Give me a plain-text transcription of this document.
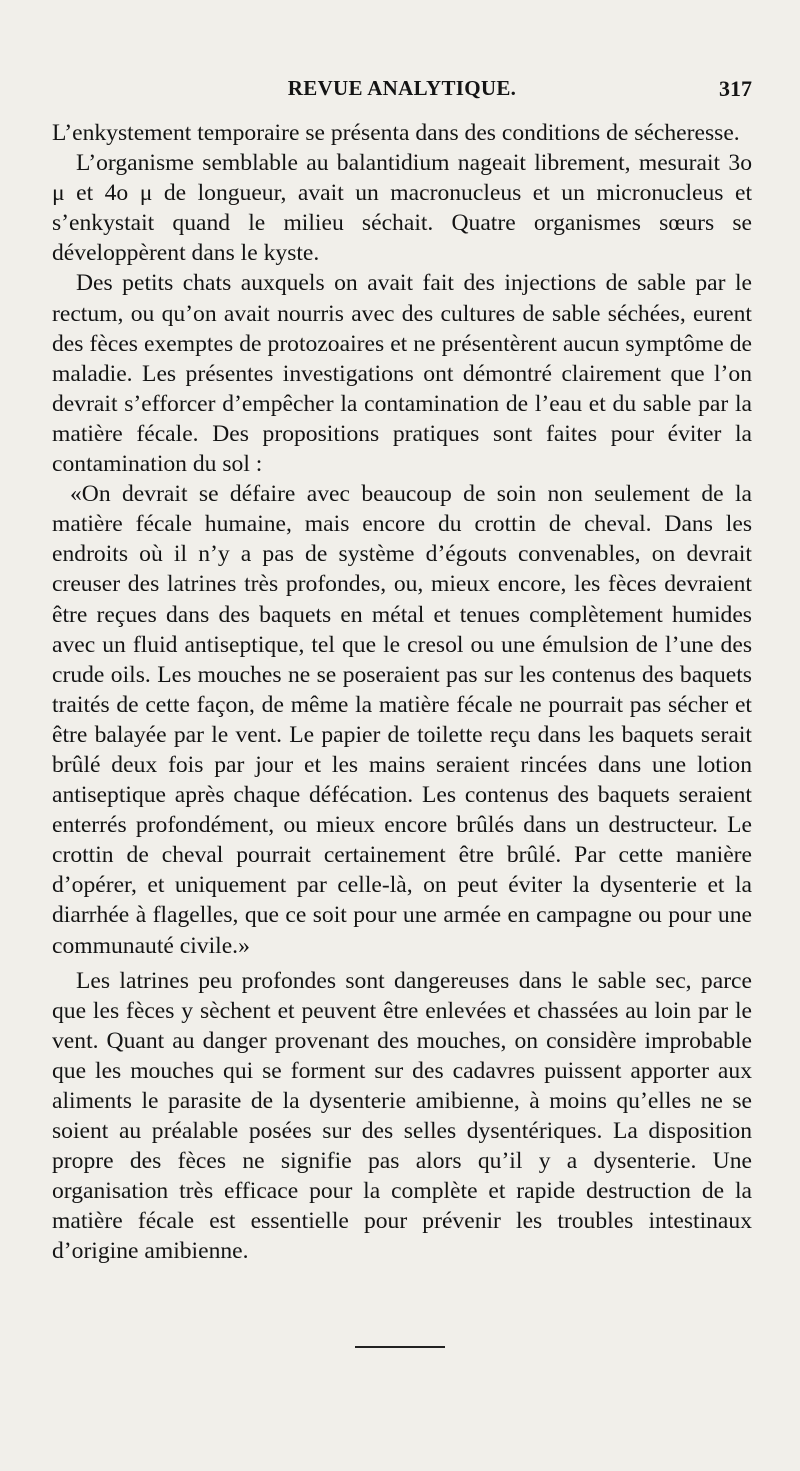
REVUE ANALYTIQUE.	317

L’enkystement temporaire se présenta dans des conditions de sécheresse.

L’organisme semblable au balantidium nageait librement, mesurait 3o μ et 4o μ de longueur, avait un macronucleus et un micronucleus et s’enkystait quand le milieu séchait. Quatre organismes sœurs se développèrent dans le kyste.

Des petits chats auxquels on avait fait des injections de sable par le rectum, ou qu’on avait nourris avec des cultures de sable séchées, eurent des fèces exemptes de protozoaires et ne présentèrent aucun symptôme de maladie. Les présentes investigations ont démontré clairement que l’on devrait s’efforcer d’empêcher la contamination de l’eau et du sable par la matière fécale. Des propositions pratiques sont faites pour éviter la contamination du sol :

«On devrait se défaire avec beaucoup de soin non seulement de la matière fécale humaine, mais encore du crottin de cheval. Dans les endroits où il n’y a pas de système d’égouts convenables, on devrait creuser des latrines très profondes, ou, mieux encore, les fèces devraient être reçues dans des baquets en métal et tenues complètement humides avec un fluid antiseptique, tel que le cresol ou une émulsion de l’une des crude oils. Les mouches ne se poseraient pas sur les contenus des baquets traités de cette façon, de même la matière fécale ne pourrait pas sécher et être balayée par le vent. Le papier de toilette reçu dans les baquets serait brûlé deux fois par jour et les mains seraient rincées dans une lotion antiseptique après chaque défécation. Les contenus des baquets seraient enterrés profondément, ou mieux encore brûlés dans un destructeur. Le crottin de cheval pourrait certainement être brûlé. Par cette manière d’opérer, et uniquement par celle-là, on peut éviter la dysenterie et la diarrhée à flagelles, que ce soit pour une armée en campagne ou pour une communauté civile.»

Les latrines peu profondes sont dangereuses dans le sable sec, parce que les fèces y sèchent et peuvent être enlevées et chassées au loin par le vent. Quant au danger provenant des mouches, on considère improbable que les mouches qui se forment sur des cadavres puissent apporter aux aliments le parasite de la dysenterie amibienne, à moins qu’elles ne se soient au préalable posées sur des selles dysentériques. La disposition propre des fèces ne signifie pas alors qu’il y a dysenterie. Une organisation très efficace pour la complète et rapide destruction de la matière fécale est essentielle pour prévenir les troubles intestinaux d’origine amibienne.
